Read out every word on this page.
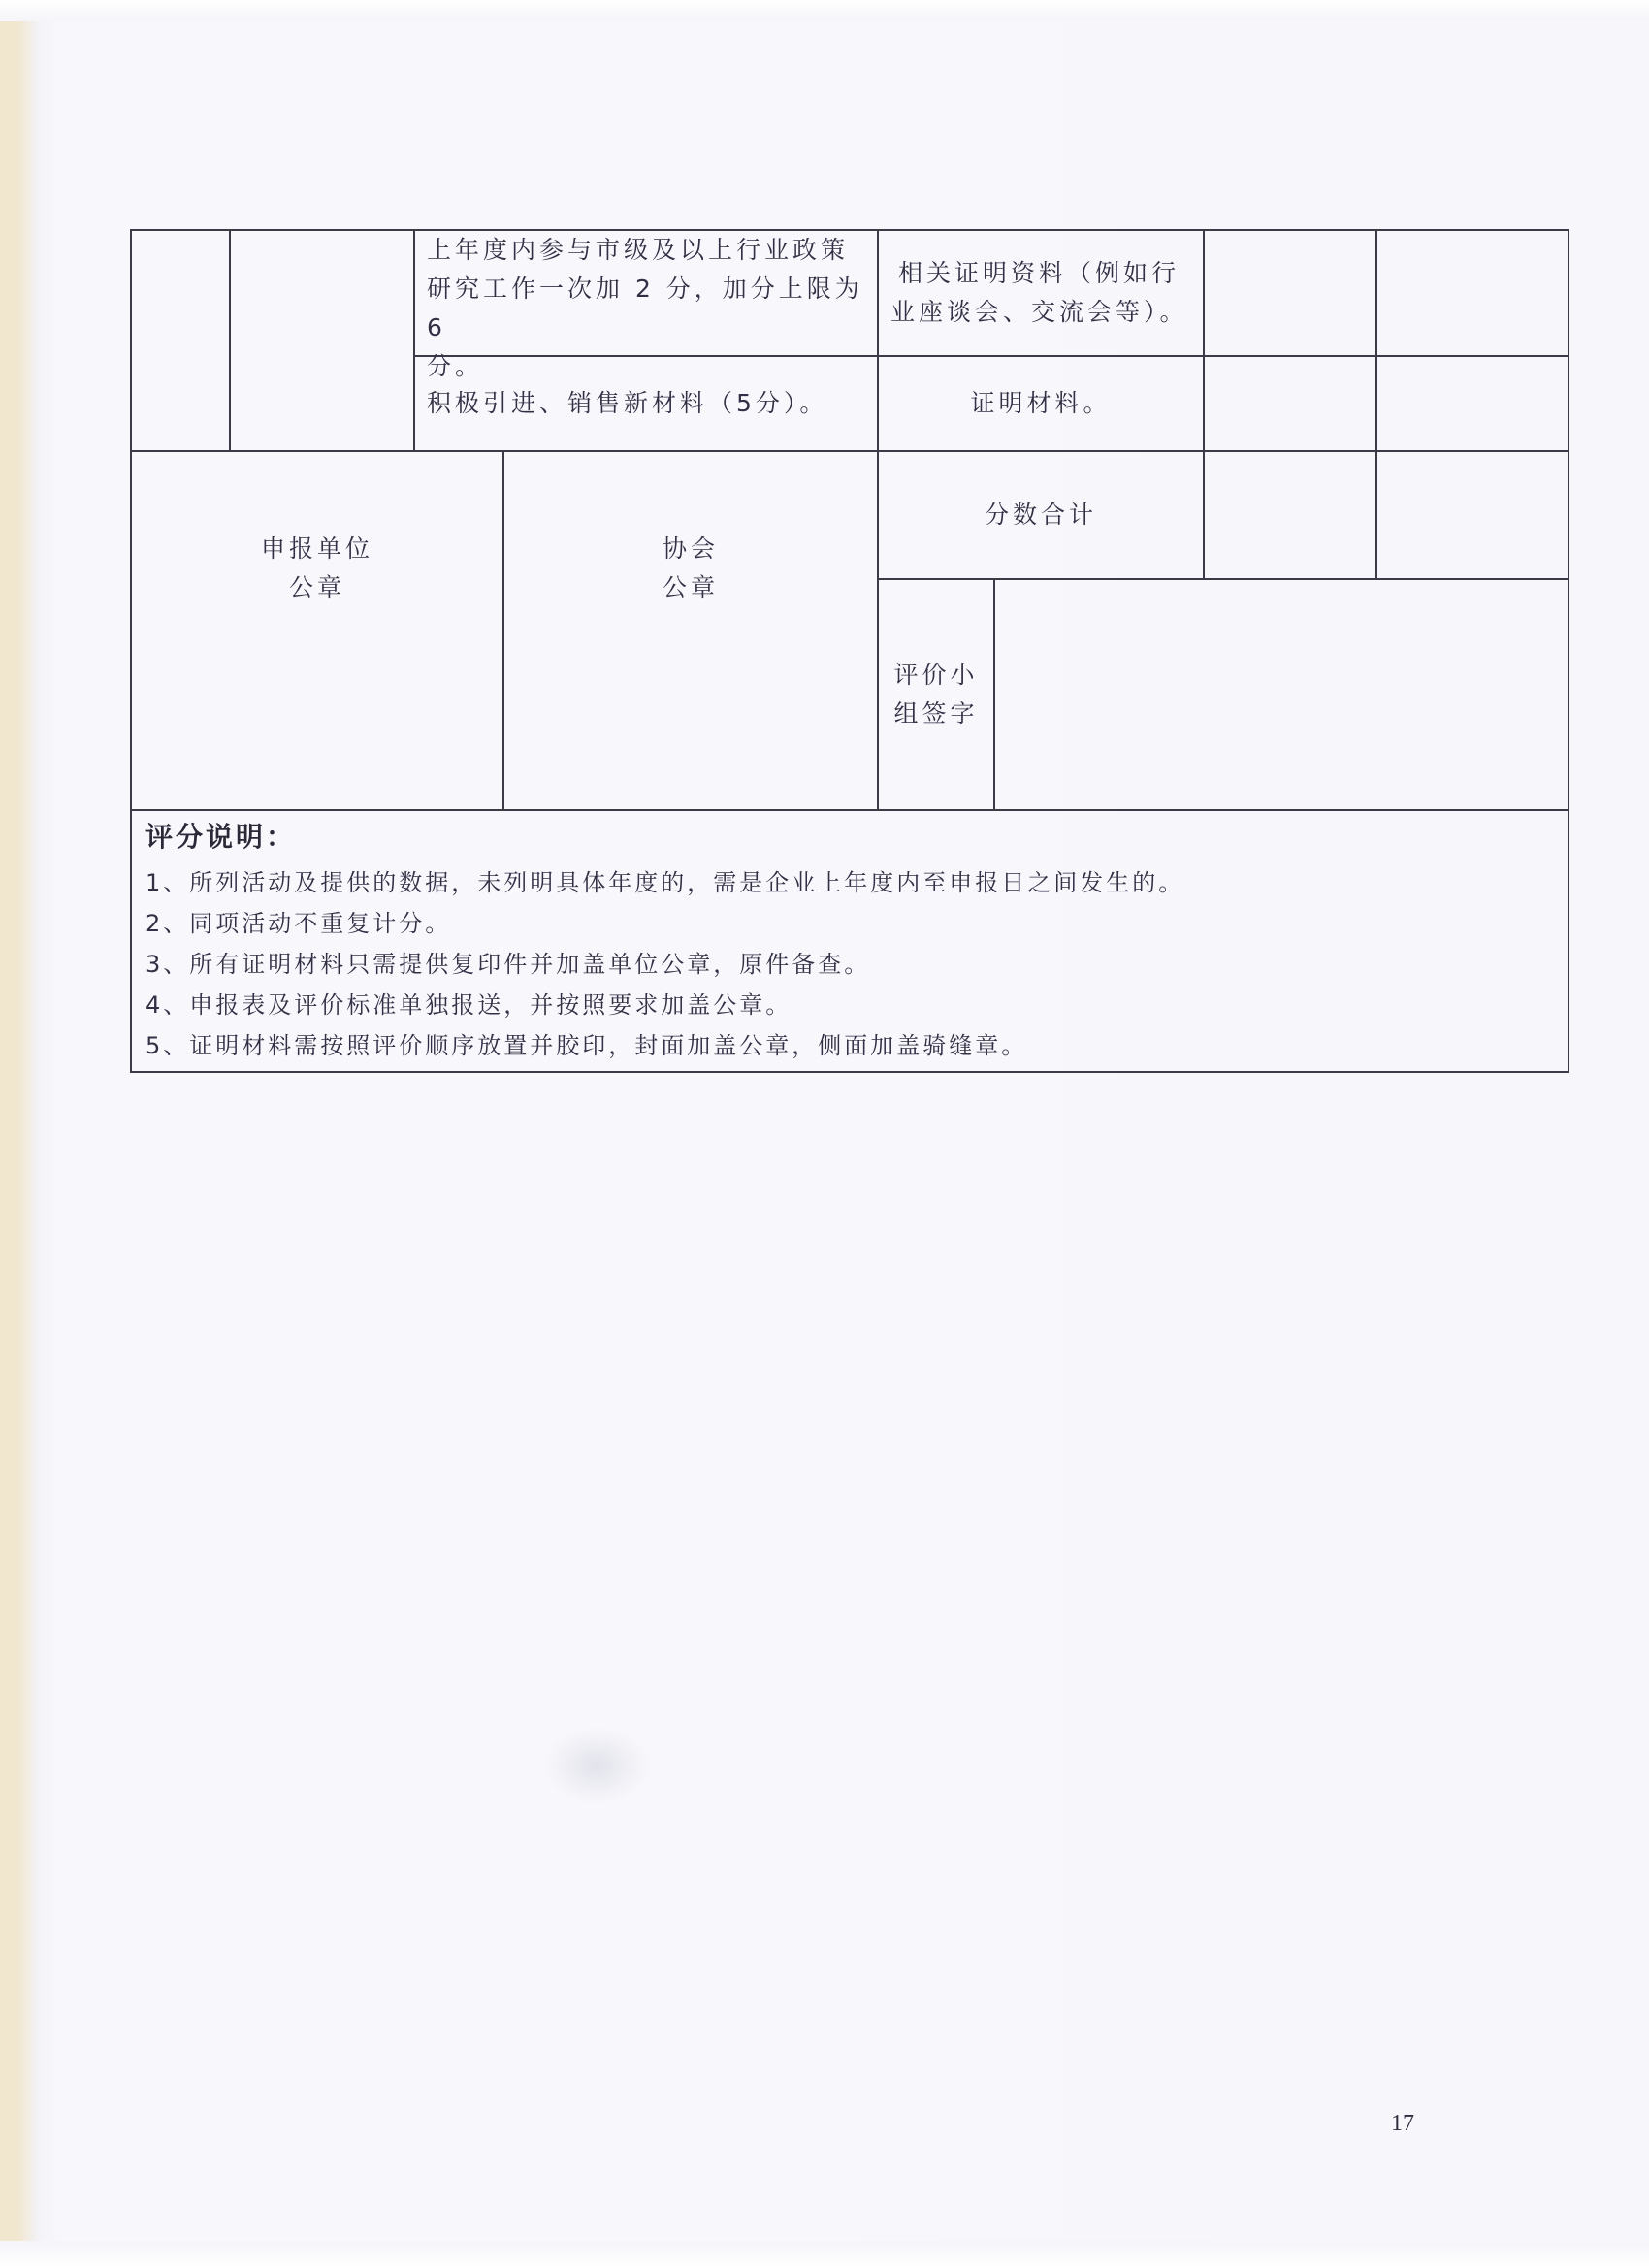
上年度内参与市级及以上行业政策
研究工作一次加 2 分，加分上限为 6
分。
相关证明资料（例如行
业座谈会、交流会等）。
积极引进、销售新材料（5分）。	证明材料。
分数合计
申报单位
公章
协会
公章
评价小
组签字
评分说明：
1、所列活动及提供的数据，未列明具体年度的，需是企业上年度内至申报日之间发生的。
2、同项活动不重复计分。
3、所有证明材料只需提供复印件并加盖单位公章，原件备查。
4、申报表及评价标准单独报送，并按照要求加盖公章。
5、证明材料需按照评价顺序放置并胶印，封面加盖公章，侧面加盖骑缝章。
17
